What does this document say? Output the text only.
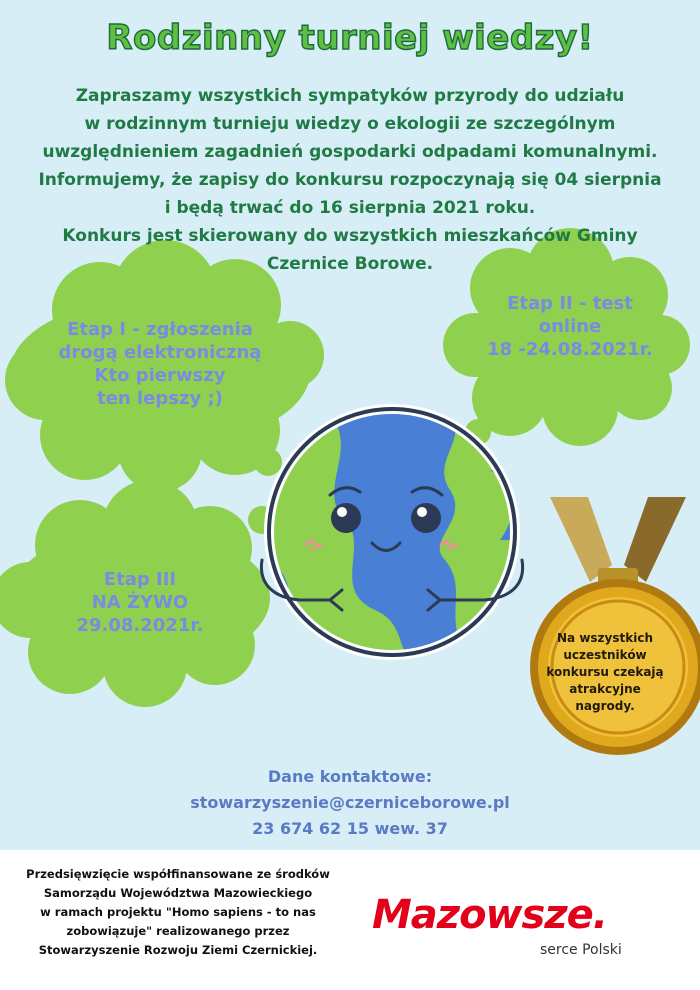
Rodzinny turniej wiedzy!
Zapraszamy wszystkich sympatyków przyrody do udziału
w rodzinnym turnieju wiedzy o ekologii ze szczególnym
uwzględnieniem zagadnień gospodarki odpadami komunalnymi.
Informujemy, że zapisy do konkursu rozpoczynają się 04 sierpnia
i będą trwać do 16 sierpnia 2021 roku.
Konkurs jest skierowany do wszystkich mieszkańców Gminy
Czernice Borowe.
Etap I - zgłoszenia
drogą elektroniczną
Kto pierwszy
ten lepszy ;)
Etap II - test
online
18 -24.08.2021r.
Etap III
NA ŻYWO
29.08.2021r.
Na wszystkich
uczestników
konkursu czekają
atrakcyjne
nagrody.
Dane kontaktowe:
stowarzyszenie@czerniceborowe.pl
23 674 62 15 wew. 37
Przedsięwzięcie współfinansowane ze środków
Samorządu Województwa Mazowieckiego
w ramach projektu "Homo sapiens - to nas
zobowiązuje" realizowanego przez
Stowarzyszenie Rozwoju Ziemi Czernickiej.
Mazowsze.
serce Polski
